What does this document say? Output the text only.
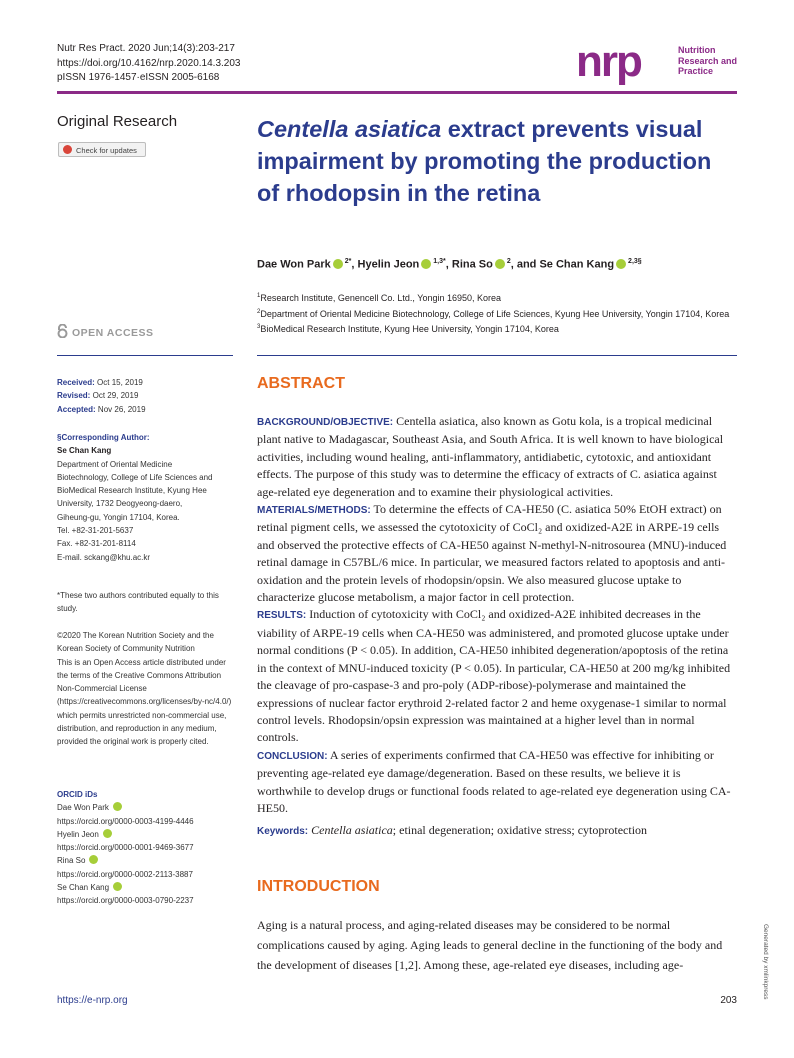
Nutr Res Pract. 2020 Jun;14(3):203-217
https://doi.org/10.4162/nrp.2020.14.3.203
pISSN 1976-1457·eISSN 2005-6168	nrp	Nutrition
Research and
Practice
Original Research
Check for updates
Centella asiatica extract prevents visual impairment by promoting the production of rhodopsin in the retina
Dae Won Park $^{2*}$, Hyelin Jeon $^{1,3*}$, Rina So $^2$, and Se Chan Kang $^{2,3\S}$
$^1$Research Institute, Genencell Co. Ltd., Yongin 16950, Korea
$^2$Department of Oriental Medicine Biotechnology, College of Life Sciences, Kyung Hee University, Yongin 17104, Korea
$^3$BioMedical Research Institute, Kyung Hee University, Yongin 17104, Korea
OPEN ACCESS
Received: Oct 15, 2019
Revised: Oct 29, 2019
Accepted: Nov 26, 2019
§Corresponding Author:
Se Chan Kang
Department of Oriental Medicine
Biotechnology, College of Life Sciences and
BioMedical Research Institute, Kyung Hee
University, 1732 Deogyeong-daero,
Giheung-gu, Yongin 17104, Korea.
Tel. +82-31-201-5637
Fax. +82-31-201-8114
E-mail. sckang@khu.ac.kr
*These two authors contributed equally to this study.
©2020 The Korean Nutrition Society and the Korean Society of Community Nutrition
This is an Open Access article distributed under the terms of the Creative Commons Attribution Non-Commercial License (https://creativecommons.org/licenses/by-nc/4.0/) which permits unrestricted non-commercial use, distribution, and reproduction in any medium, provided the original work is properly cited.
ORCID iDs
Dae Won Park
https://orcid.org/0000-0003-4199-4446
Hyelin Jeon
https://orcid.org/0000-0001-9469-3677
Rina So
https://orcid.org/0000-0002-2113-3887
Se Chan Kang
https://orcid.org/0000-0003-0790-2237
ABSTRACT

BACKGROUND/OBJECTIVE: Centella asiatica, also known as Gotu kola, is a tropical medicinal plant native to Madagascar, Southeast Asia, and South Africa. It is well known to have biological activities, including wound healing, anti-inflammatory, antidiabetic, cytotoxic, and antioxidant effects. The purpose of this study was to determine the efficacy of extracts of C. asiatica against age-related eye degeneration and to examine their physiological activities.

MATERIALS/METHODS: To determine the effects of CA-HE50 (C. asiatica 50% EtOH extract) on retinal pigment cells, we assessed the cytotoxicity of CoCl₂ and oxidized-A2E in ARPE-19 cells and observed the protective effects of CA-HE50 against N-methyl-N-nitrosourea (MNU)-induced retinal damage in C57BL/6 mice. In particular, we measured factors related to apoptosis and anti-oxidation and the protein levels of rhodopsin/opsin. We also measured glucose uptake to characterize glucose metabolism, a major factor in cell protection.

RESULTS: Induction of cytotoxicity with CoCl₂ and oxidized-A2E inhibited decreases in the viability of ARPE-19 cells when CA-HE50 was administered, and promoted glucose uptake under normal conditions (P < 0.05). In addition, CA-HE50 inhibited degeneration/apoptosis of the retina in the context of MNU-induced toxicity (P < 0.05). In particular, CA-HE50 at 200 mg/kg inhibited the cleavage of pro-caspase-3 and pro-poly (ADP-ribose)-polymerase and maintained the expressions of nuclear factor erythroid 2-related factor 2 and heme oxygenase-1 similar to normal control levels. Rhodopsin/opsin expression was maintained at a higher level than in normal controls.

CONCLUSION: A series of experiments confirmed that CA-HE50 was effective for inhibiting or preventing age-related eye damage/degeneration. Based on these results, we believe it is worthwhile to develop drugs or functional foods related to age-related eye degeneration using CA-HE50.

Keywords: Centella asiatica; etinal degeneration; oxidative stress; cytoprotection
INTRODUCTION

Aging is a natural process, and aging-related diseases may be considered to be normal complications caused by aging. Aging leads to general decline in the functioning of the body and the development of diseases [1,2]. Among these, age-related eye diseases, including age-	Generated by xmlinkpress
https://e-nrp.org	203
